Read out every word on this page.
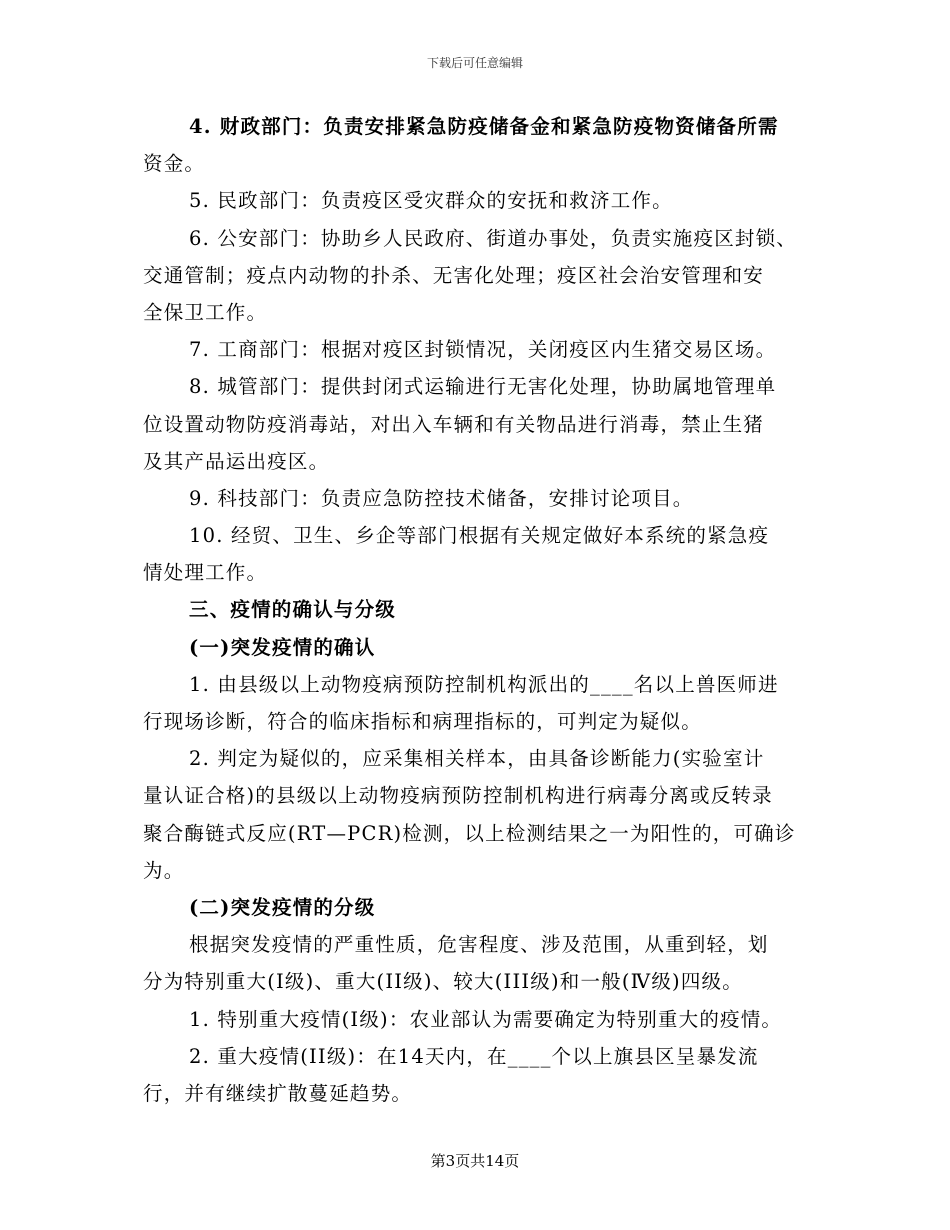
下载后可任意编辑
4. 财政部门：负责安排紧急防疫储备金和紧急防疫物资储备所需
资金。
5. 民政部门：负责疫区受灾群众的安抚和救济工作。
6. 公安部门：协助乡人民政府、街道办事处，负责实施疫区封锁、
交通管制；疫点内动物的扑杀、无害化处理；疫区社会治安管理和安
全保卫工作。
7. 工商部门：根据对疫区封锁情况，关闭疫区内生猪交易区场。
8. 城管部门：提供封闭式运输进行无害化处理，协助属地管理单
位设置动物防疫消毒站，对出入车辆和有关物品进行消毒，禁止生猪
及其产品运出疫区。
9. 科技部门：负责应急防控技术储备，安排讨论项目。
10. 经贸、卫生、乡企等部门根据有关规定做好本系统的紧急疫
情处理工作。
三、疫情的确认与分级
(一)突发疫情的确认
1. 由县级以上动物疫病预防控制机构派出的____名以上兽医师进
行现场诊断，符合的临床指标和病理指标的，可判定为疑似。
2. 判定为疑似的，应采集相关样本，由具备诊断能力(实验室计
量认证合格)的县级以上动物疫病预防控制机构进行病毒分离或反转录
聚合酶链式反应(RT—PCR)检测，以上检测结果之一为阳性的，可确诊
为。
(二)突发疫情的分级
根据突发疫情的严重性质，危害程度、涉及范围，从重到轻，划
分为特别重大(I级)、重大(II级)、较大(III级)和一般(Ⅳ级)四级。
1. 特别重大疫情(I级)：农业部认为需要确定为特别重大的疫情。
2. 重大疫情(II级)：在14天内，在____个以上旗县区呈暴发流
行，并有继续扩散蔓延趋势。
第3页共14页
